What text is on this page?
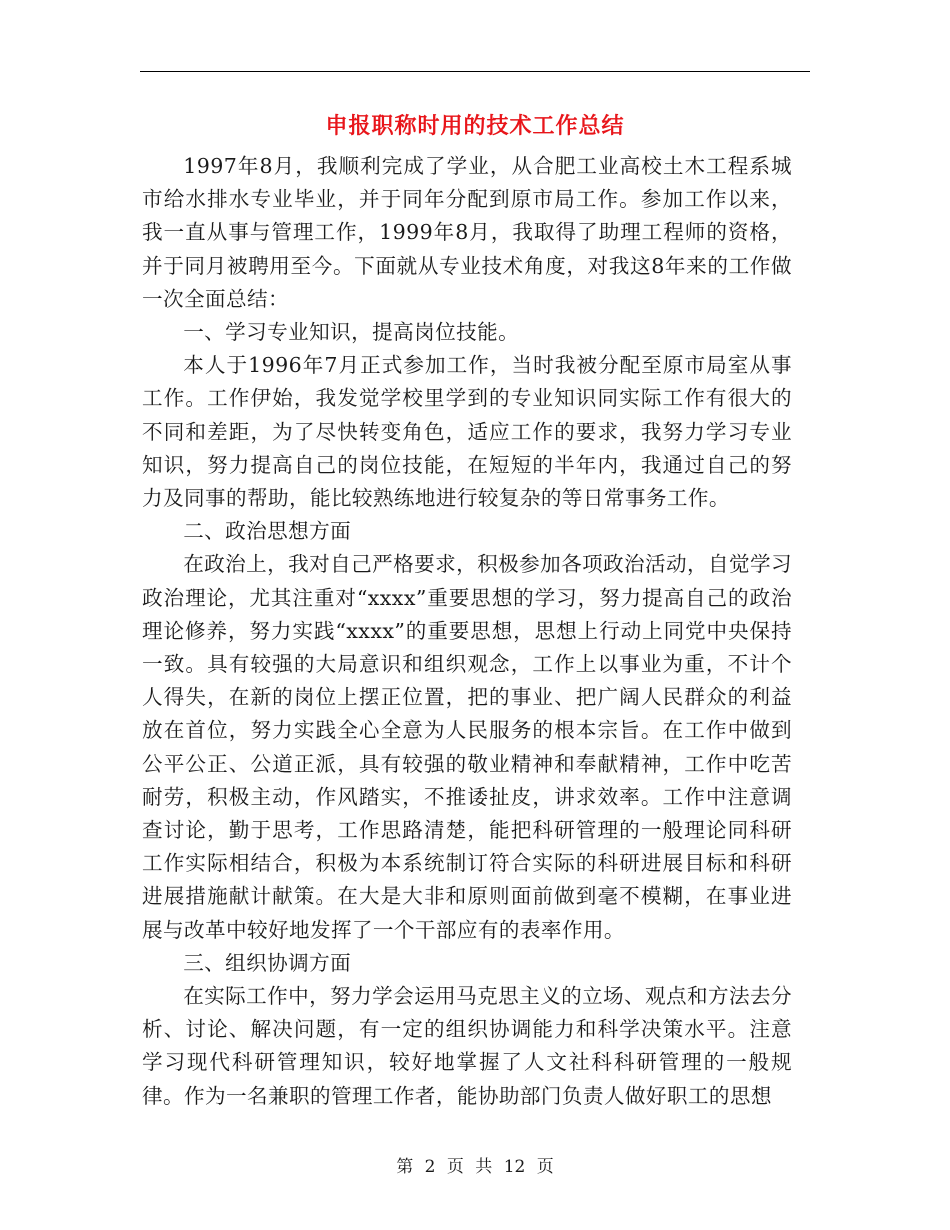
申报职称时用的技术工作总结

1997年8月，我顺利完成了学业，从合肥工业高校土木工程系城市给水排水专业毕业，并于同年分配到原市局工作。参加工作以来，我一直从事与管理工作，1999年8月，我取得了助理工程师的资格，并于同月被聘用至今。下面就从专业技术角度，对我这8年来的工作做一次全面总结：

一、学习专业知识，提高岗位技能。

本人于1996年7月正式参加工作，当时我被分配至原市局室从事工作。工作伊始，我发觉学校里学到的专业知识同实际工作有很大的不同和差距，为了尽快转变角色，适应工作的要求，我努力学习专业知识，努力提高自己的岗位技能，在短短的半年内，我通过自己的努力及同事的帮助，能比较熟练地进行较复杂的等日常事务工作。

二、政治思想方面

在政治上，我对自己严格要求，积极参加各项政治活动，自觉学习政治理论，尤其注重对“xxxx”重要思想的学习，努力提高自己的政治理论修养，努力实践“xxxx”的重要思想，思想上行动上同党中央保持一致。具有较强的大局意识和组织观念，工作上以事业为重，不计个人得失，在新的岗位上摆正位置，把的事业、把广阔人民群众的利益放在首位，努力实践全心全意为人民服务的根本宗旨。在工作中做到公平公正、公道正派，具有较强的敬业精神和奉献精神，工作中吃苦耐劳，积极主动，作风踏实，不推诿扯皮，讲求效率。工作中注意调查讨论，勤于思考，工作思路清楚，能把科研管理的一般理论同科研工作实际相结合，积极为本系统制订符合实际的科研进展目标和科研进展措施献计献策。在大是大非和原则面前做到毫不模糊，在事业进展与改革中较好地发挥了一个干部应有的表率作用。

三、组织协调方面

在实际工作中，努力学会运用马克思主义的立场、观点和方法去分析、讨论、解决问题，有一定的组织协调能力和科学决策水平。注意学习现代科研管理知识，较好地掌握了人文社科科研管理的一般规律。作为一名兼职的管理工作者，能协助部门负责人做好职工的思想

第 2 页 共 12 页
